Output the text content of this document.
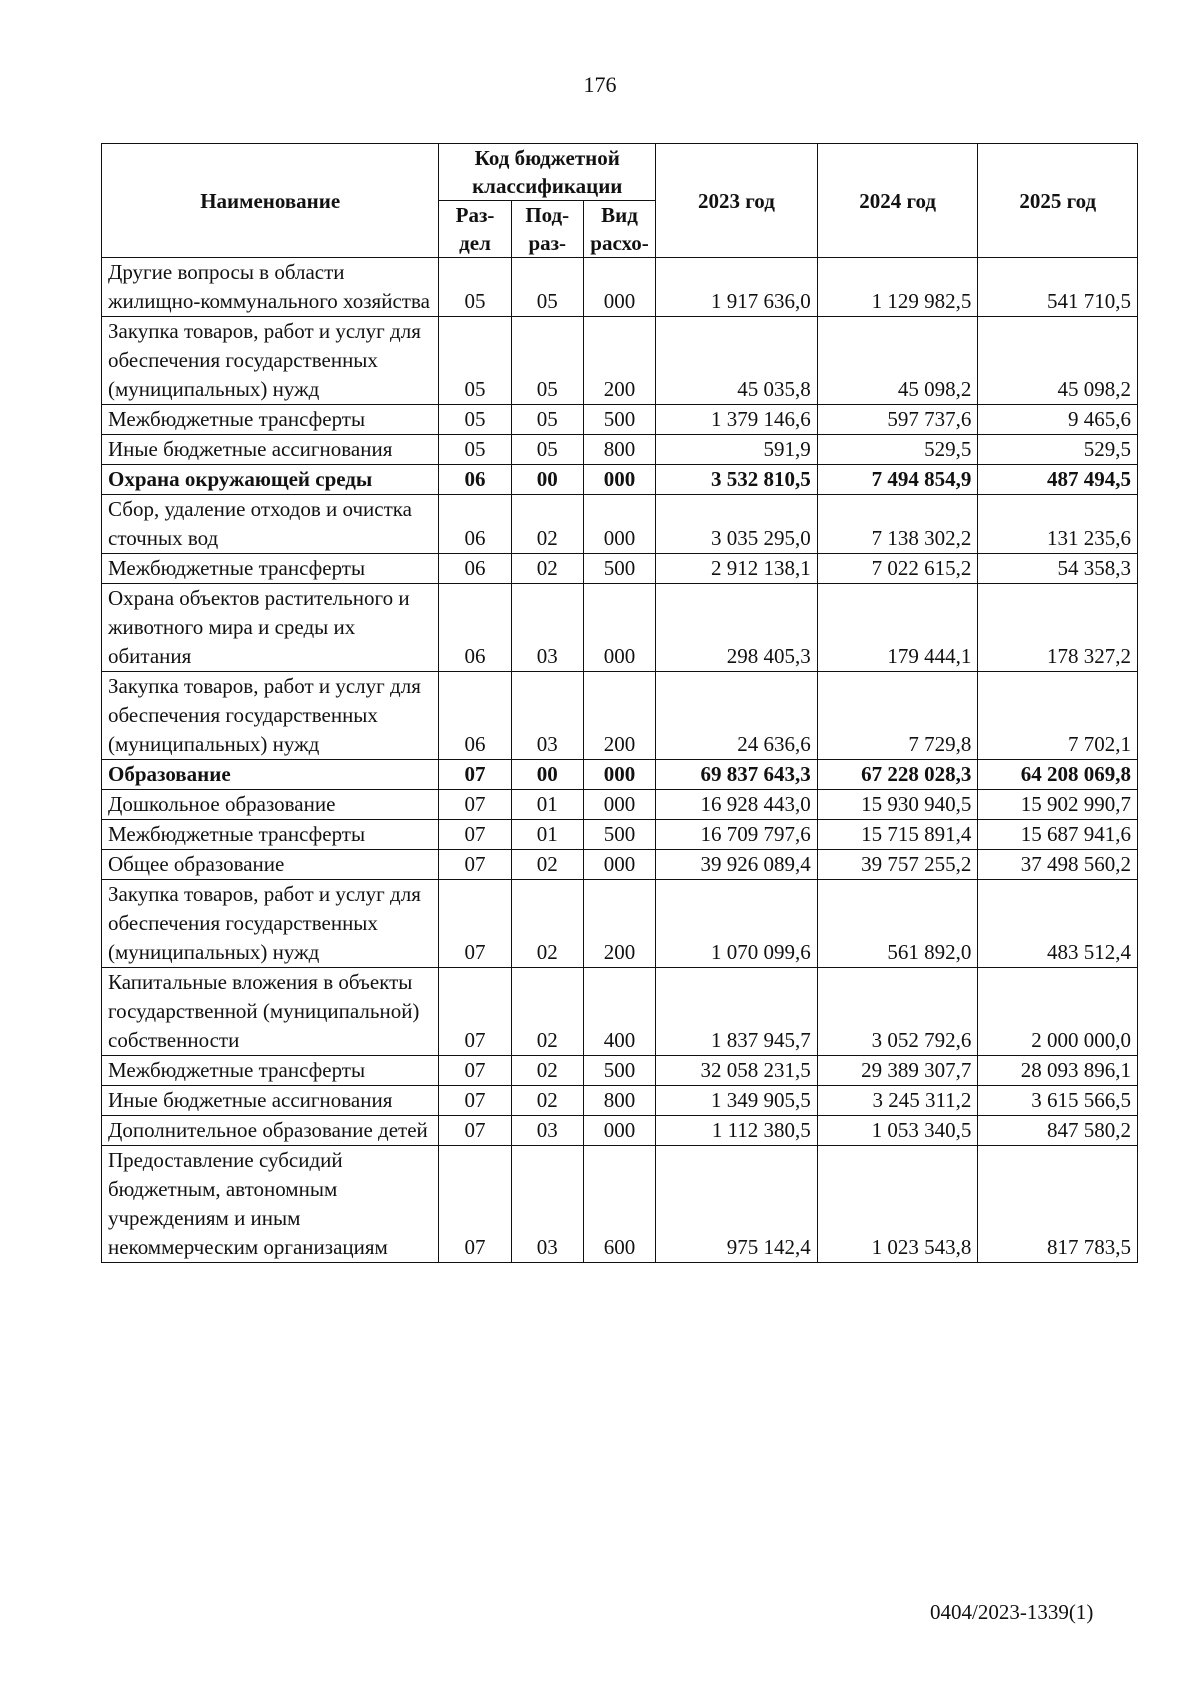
176
Наименование	Код бюджетной классификации			2023 год	2024 год	2025 год
	Раз-дел	Под-раз-	Вид расхо-			
Другие вопросы в области жилищно-коммунального хозяйства	05	05	000	1 917 636,0	1 129 982,5	541 710,5
Закупка товаров, работ и услуг для обеспечения государственных (муниципальных) нужд	05	05	200	45 035,8	45 098,2	45 098,2
Межбюджетные трансферты	05	05	500	1 379 146,6	597 737,6	9 465,6
Иные бюджетные ассигнования	05	05	800	591,9	529,5	529,5
Охрана окружающей среды	06	00	000	3 532 810,5	7 494 854,9	487 494,5
Сбор, удаление отходов и очистка сточных вод	06	02	000	3 035 295,0	7 138 302,2	131 235,6
Межбюджетные трансферты	06	02	500	2 912 138,1	7 022 615,2	54 358,3
Охрана объектов растительного и животного мира и среды их обитания	06	03	000	298 405,3	179 444,1	178 327,2
Закупка товаров, работ и услуг для обеспечения государственных (муниципальных) нужд	06	03	200	24 636,6	7 729,8	7 702,1
Образование	07	00	000	69 837 643,3	67 228 028,3	64 208 069,8
Дошкольное образование	07	01	000	16 928 443,0	15 930 940,5	15 902 990,7
Межбюджетные трансферты	07	01	500	16 709 797,6	15 715 891,4	15 687 941,6
Общее образование	07	02	000	39 926 089,4	39 757 255,2	37 498 560,2
Закупка товаров, работ и услуг для обеспечения государственных (муниципальных) нужд	07	02	200	1 070 099,6	561 892,0	483 512,4
Капитальные вложения в объекты государственной (муниципальной) собственности	07	02	400	1 837 945,7	3 052 792,6	2 000 000,0
Межбюджетные трансферты	07	02	500	32 058 231,5	29 389 307,7	28 093 896,1
Иные бюджетные ассигнования	07	02	800	1 349 905,5	3 245 311,2	3 615 566,5
Дополнительное образование детей	07	03	000	1 112 380,5	1 053 340,5	847 580,2
Предоставление субсидий бюджетным, автономным учреждениям и иным некоммерческим организациям	07	03	600	975 142,4	1 023 543,8	817 783,5
0404/2023-1339(1)
